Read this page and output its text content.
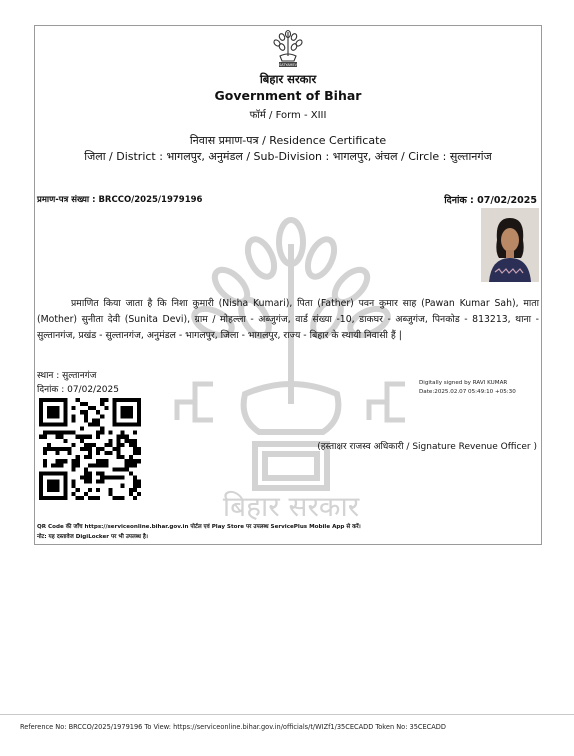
SATYAMEV
बिहार सरकार
Government of Bihar
फॉर्म / Form - XIII
निवास प्रमाण-पत्र / Residence Certificate
जिला / District : भागलपुर, अनुमंडल / Sub-Division : भागलपुर, अंचल / Circle : सुल्तानगंज
प्रमाण-पत्र संख्या : BRCCO/2025/1979196	दिनांक : 07/02/2025
बिहार सरकार
प्रमाणित किया जाता है कि निशा कुमारी (Nisha Kumari), पिता (Father) पवन कुमार साह (Pawan Kumar Sah), माता (Mother) सुनीता देवी (Sunita Devi), ग्राम / मोहल्ला - अब्जुगंज, वार्ड संख्या -10, डाकघर - अब्जुगंज, पिनकोड - 813213, थाना - सुल्तानगंज, प्रखंड - सुल्तानगंज, अनुमंडल - भागलपुर, जिला - भागलपुर, राज्य - बिहार के स्थायी निवासी हैं |
स्थान : सुल्तानगंज
दिनांक : 07/02/2025
Digitally signed by RAVI KUMAR
Date:2025.02.07 05:49:10 +05:30
(हस्ताक्षर राजस्व अधिकारी / Signature Revenue Officer )
QR Code की जाँच https://serviceonline.bihar.gov.in पोर्टल एवं Play Store पर उपलब्ध ServicePlus Mobile App से करें।
नोट: यह दस्तावेज DigiLocker पर भी उपलब्ध है।
Reference No: BRCCO/2025/1979196 To View: https://serviceonline.bihar.gov.in/officials/t/WIZf1/35CECADD Token No: 35CECADD
